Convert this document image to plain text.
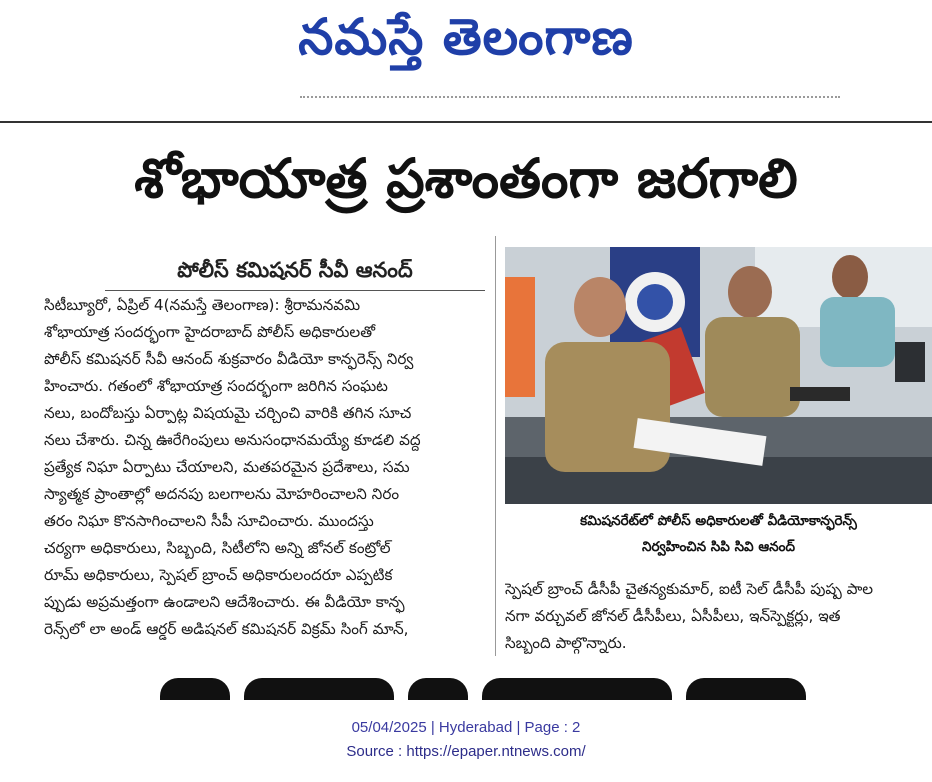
నమస్తే తెలంగాణ
శోభాయాత్ర ప్రశాంతంగా జరగాలి
పోలీస్ కమిషనర్ సీవీ ఆనంద్
సిటీబ్యూరో, ఏప్రిల్ 4(నమస్తే తెలంగాణ): శ్రీరామనవమి
శోభాయాత్ర సందర్భంగా హైదరాబాద్ పోలీస్ అధికారులతో
పోలీస్ కమిషనర్ సీవీ ఆనంద్ శుక్రవారం వీడియో కాన్ఫరెన్స్ నిర్వ
హించారు. గతంలో శోభాయాత్ర సందర్భంగా జరిగిన సంఘట
నలు, బందోబస్తు ఏర్పాట్ల విషయమై చర్చించి వారికి తగిన సూచ
నలు చేశారు. చిన్న ఊరేగింపులు అనుసంధానమయ్యే కూడలి వద్ద
ప్రత్యేక నిఘా ఏర్పాటు చేయాలని, మతపరమైన ప్రదేశాలు, సమ
స్యాత్మక ప్రాంతాల్లో అదనపు బలగాలను మోహరించాలని నిరం
తరం నిఘా కొనసాగించాలని సీపీ సూచించారు. ముందస్తు
చర్యగా అధికారులు, సిబ్బంది, సిటీలోని అన్ని జోనల్ కంట్రోల్
రూమ్ అధికారులు, స్పెషల్ బ్రాంచ్ అధికారులందరూ ఎప్పటిక
ప్పుడు అప్రమత్తంగా ఉండాలని ఆదేశించారు. ఈ వీడియో కాన్ఫ
రెన్స్‌లో లా అండ్ ఆర్డర్ అడిషనల్ కమిషనర్ విక్రమ్ సింగ్ మాన్,
కమిషనరేట్‌లో పోలీస్ అధికారులతో వీడియోకాన్ఫరెన్స్
నిర్వహించిన సిపి సివి ఆనంద్
స్పెషల్ బ్రాంచ్ డీసీపీ చైతన్యకుమార్, ఐటీ సెల్ డీసీపీ పుష్ప పాల
నగా వర్చువల్ జోనల్ డీసీపీలు, ఏసీపీలు, ఇన్‌స్పెక్టర్లు, ఇత
సిబ్బంది పాల్గొన్నారు.
05/04/2025 | Hyderabad | Page : 2
Source : https://epaper.ntnews.com/
